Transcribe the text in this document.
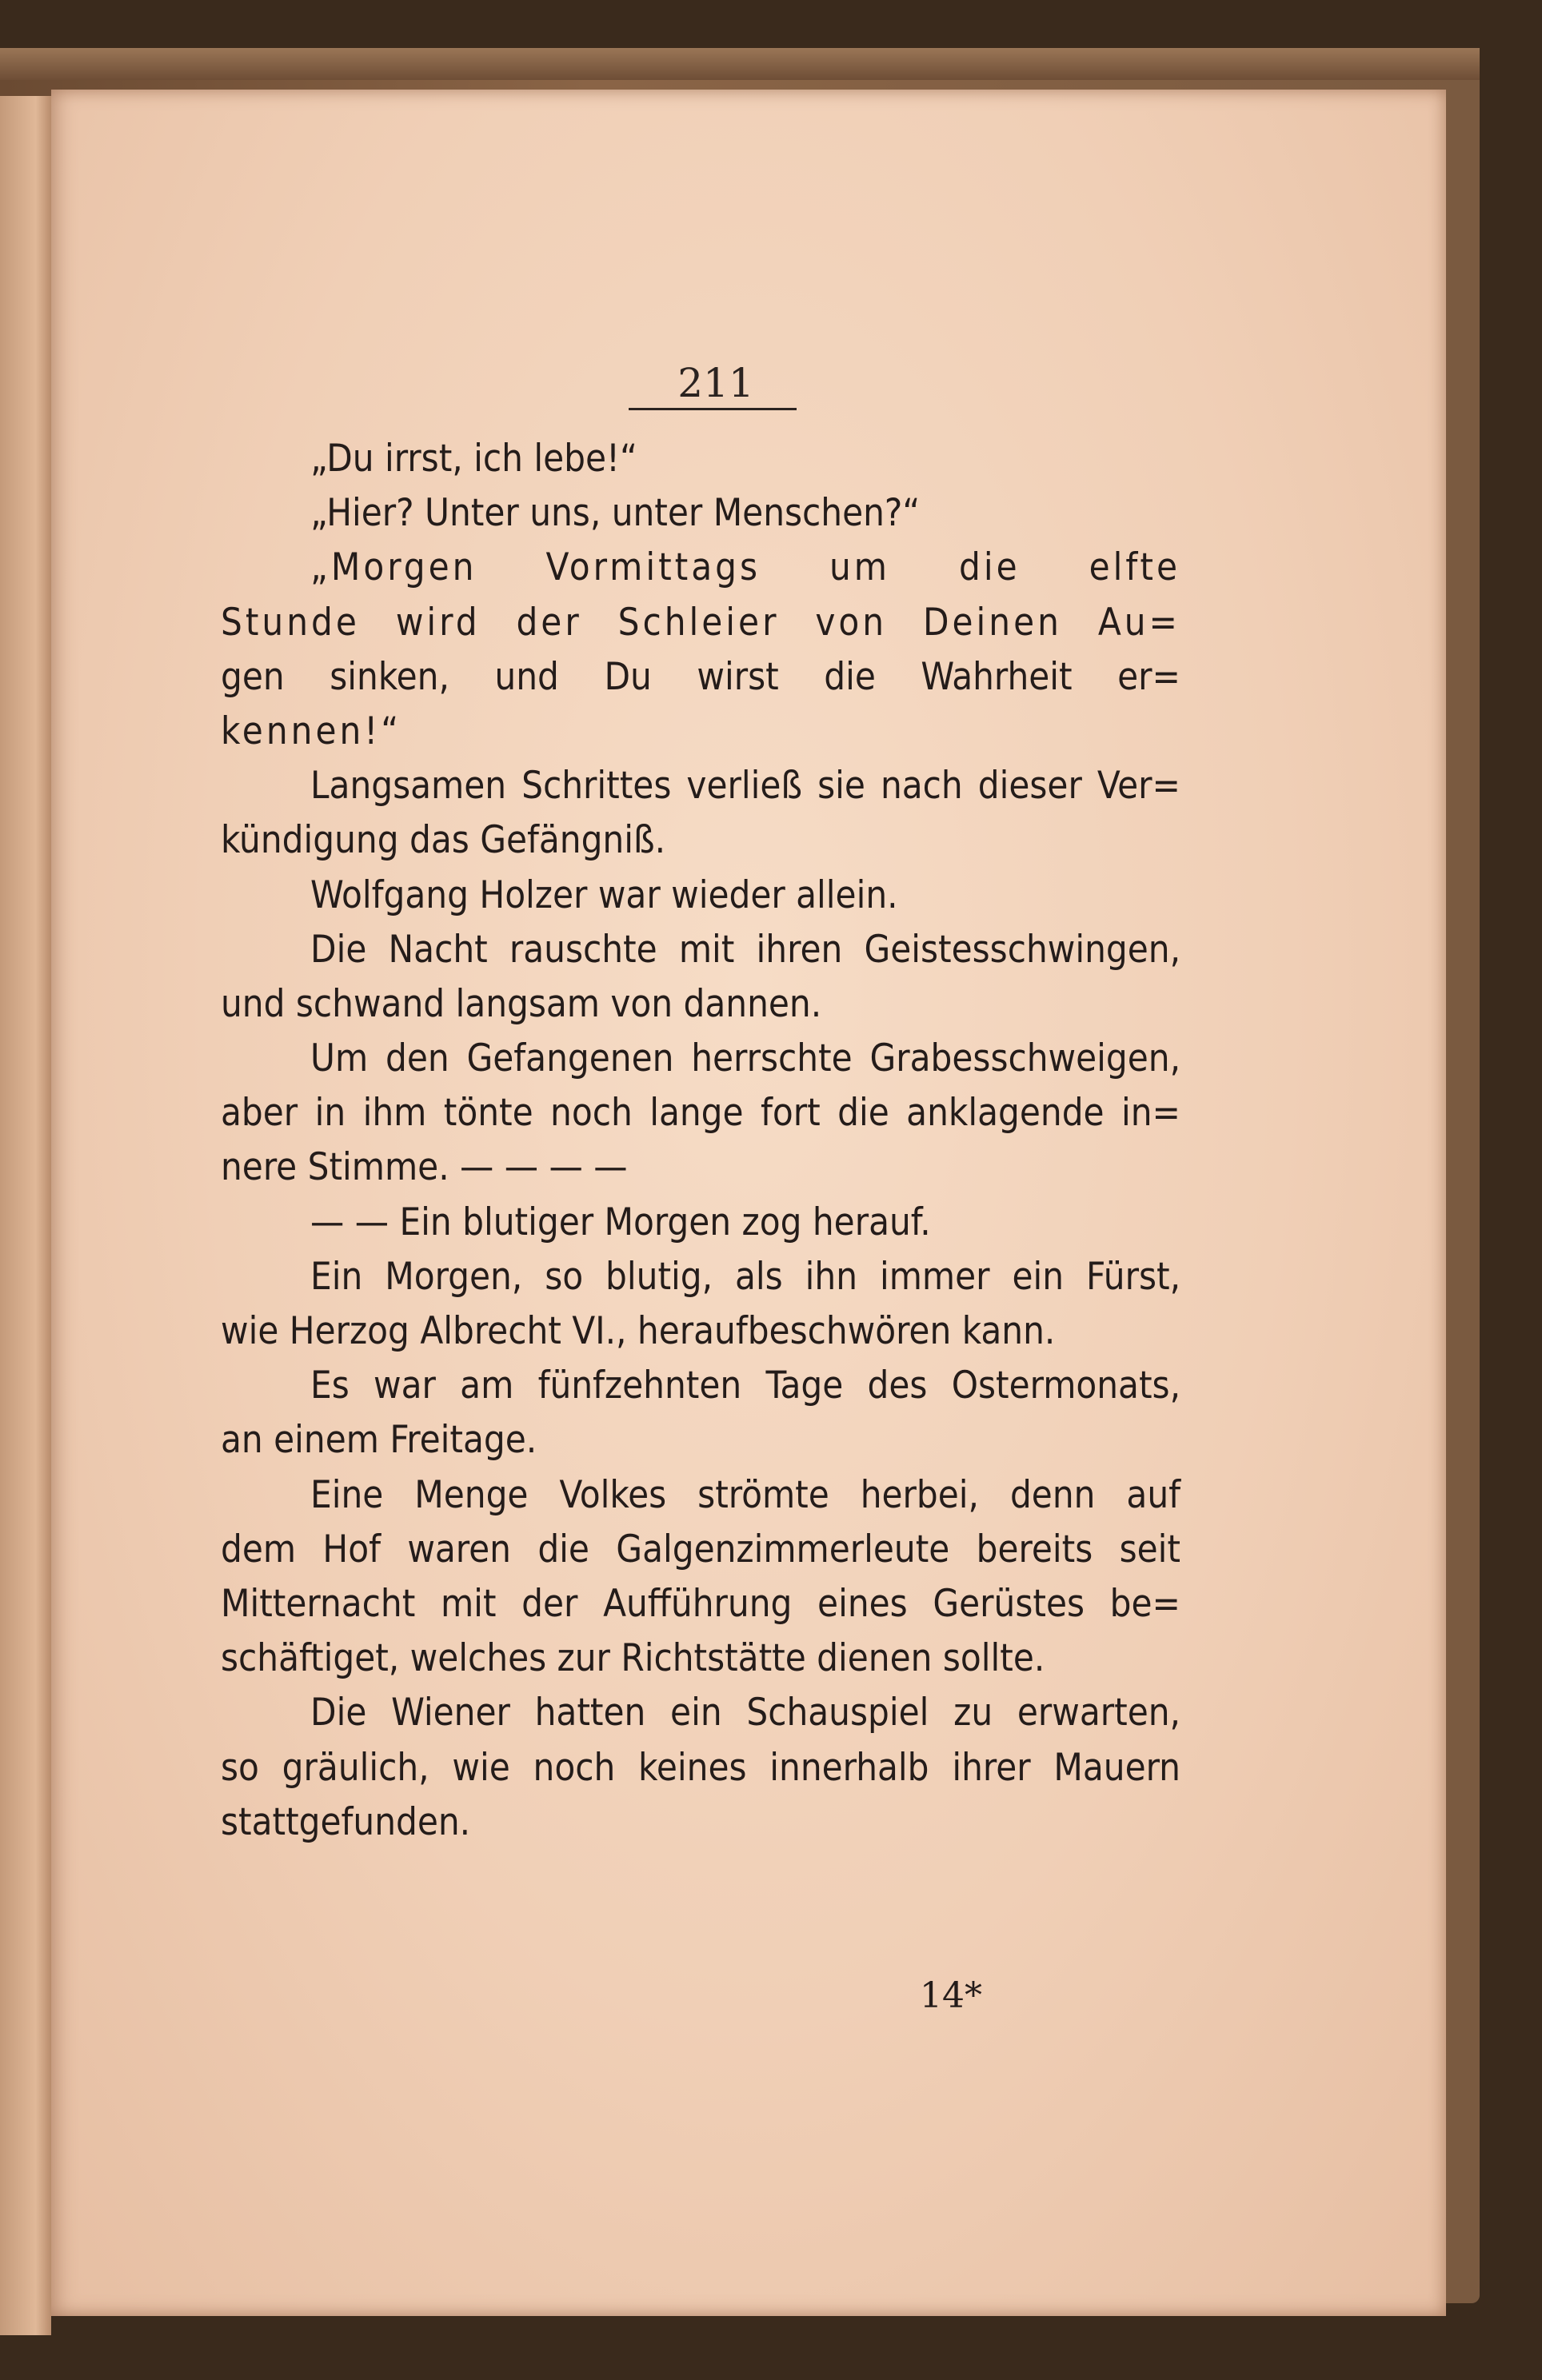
211
„Du irrst, ich lebe!“
„Hier? Unter uns, unter Menschen?“
„Morgen Vormittags um die elfte
Stunde wird der Schleier von Deinen Au=
gen sinken, und Du wirst die Wahrheit er=
kennen!“
Langsamen Schrittes verließ sie nach dieser Ver=
kündigung das Gefängniß.
Wolfgang Holzer war wieder allein.
Die Nacht rauschte mit ihren Geistesschwingen,
und schwand langsam von dannen.
Um den Gefangenen herrschte Grabesschweigen,
aber in ihm tönte noch lange fort die anklagende in=
nere Stimme. — — — —
— — Ein blutiger Morgen zog herauf.
Ein Morgen, so blutig, als ihn immer ein Fürst,
wie Herzog Albrecht VI., heraufbeschwören kann.
Es war am fünfzehnten Tage des Ostermonats,
an einem Freitage.
Eine Menge Volkes strömte herbei, denn auf
dem Hof waren die Galgenzimmerleute bereits seit
Mitternacht mit der Aufführung eines Gerüstes be=
schäftiget, welches zur Richtstätte dienen sollte.
Die Wiener hatten ein Schauspiel zu erwarten,
so gräulich, wie noch keines innerhalb ihrer Mauern
stattgefunden.
14*
